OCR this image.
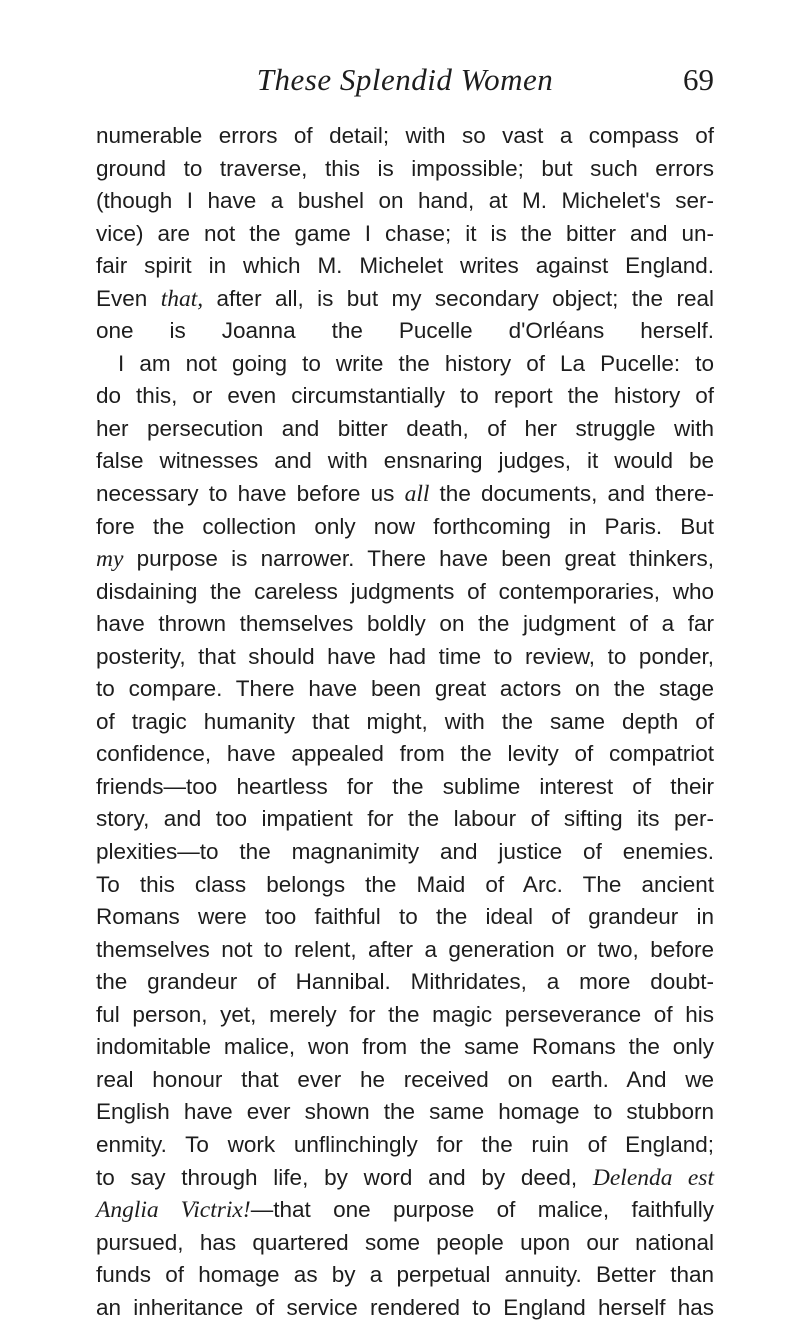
These Splendid Women	69
numerable errors of detail; with so vast a compass of
ground to traverse, this is impossible; but such errors
(though I have a bushel on hand, at M. Michelet's ser-
vice) are not the game I chase; it is the bitter and un-
fair spirit in which M. Michelet writes against England.
Even that, after all, is but my secondary object; the real
one is Joanna the Pucelle d'Orléans herself.
I am not going to write the history of La Pucelle: to
do this, or even circumstantially to report the history of
her persecution and bitter death, of her struggle with
false witnesses and with ensnaring judges, it would be
necessary to have before us all the documents, and there-
fore the collection only now forthcoming in Paris. But
my purpose is narrower. There have been great thinkers,
disdaining the careless judgments of contemporaries, who
have thrown themselves boldly on the judgment of a far
posterity, that should have had time to review, to ponder,
to compare. There have been great actors on the stage
of tragic humanity that might, with the same depth of
confidence, have appealed from the levity of compatriot
friends—too heartless for the sublime interest of their
story, and too impatient for the labour of sifting its per-
plexities—to the magnanimity and justice of enemies.
To this class belongs the Maid of Arc. The ancient
Romans were too faithful to the ideal of grandeur in
themselves not to relent, after a generation or two, before
the grandeur of Hannibal. Mithridates, a more doubt-
ful person, yet, merely for the magic perseverance of his
indomitable malice, won from the same Romans the only
real honour that ever he received on earth. And we
English have ever shown the same homage to stubborn
enmity. To work unflinchingly for the ruin of England;
to say through life, by word and by deed, Delenda est
Anglia Victrix!—that one purpose of malice, faithfully
pursued, has quartered some people upon our national
funds of homage as by a perpetual annuity. Better than
an inheritance of service rendered to England herself has
